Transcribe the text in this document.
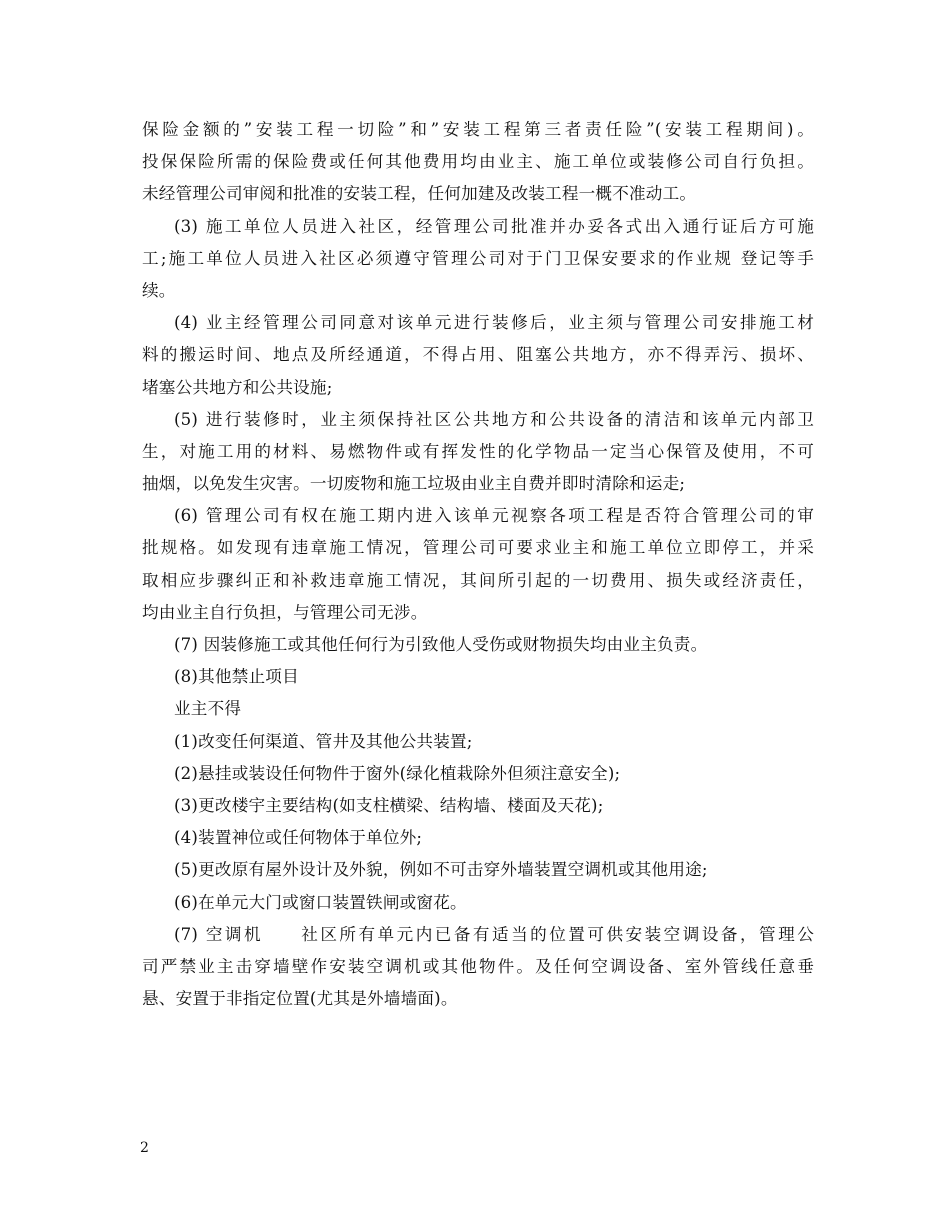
保险金额的”安装工程一切险”和”安装工程第三者责任险”(安装工程期间)。
投保保险所需的保险费或任何其他费用均由业主、施工单位或装修公司自行负担。
未经管理公司审阅和批准的安装工程，任何加建及改装工程一概不准动工。
(3) 施工单位人员进入社区，经管理公司批准并办妥各式出入通行证后方可施
工;施工单位人员进入社区必须遵守管理公司对于门卫保安要求的作业规 登记等手
续。
(4) 业主经管理公司同意对该单元进行装修后，业主须与管理公司安排施工材
料的搬运时间、地点及所经通道，不得占用、阻塞公共地方，亦不得弄污、损坏、
堵塞公共地方和公共设施;
(5) 进行装修时，业主须保持社区公共地方和公共设备的清洁和该单元内部卫
生，对施工用的材料、易燃物件或有挥发性的化学物品一定当心保管及使用，不可
抽烟，以免发生灾害。一切废物和施工垃圾由业主自费并即时清除和运走;
(6) 管理公司有权在施工期内进入该单元视察各项工程是否符合管理公司的审
批规格。如发现有违章施工情况，管理公司可要求业主和施工单位立即停工，并采
取相应步骤纠正和补救违章施工情况，其间所引起的一切费用、损失或经济责任，
均由业主自行负担，与管理公司无涉。
(7) 因装修施工或其他任何行为引致他人受伤或财物损失均由业主负责。
(8)其他禁止项目
业主不得
(1)改变任何渠道、管井及其他公共装置;
(2)悬挂或装设任何物件于窗外(绿化植栽除外但须注意安全);
(3)更改楼宇主要结构(如支柱横梁、结构墙、楼面及天花);
(4)装置神位或任何物体于单位外;
(5)更改原有屋外设计及外貌，例如不可击穿外墙装置空调机或其他用途;
(6)在单元大门或窗口装置铁闸或窗花。
(7) 空调机　　社区所有单元内已备有适当的位置可供安装空调设备，管理公
司严禁业主击穿墙壁作安装空调机或其他物件。及任何空调设备、室外管线任意垂
悬、安置于非指定位置(尤其是外墙墙面)。
2
